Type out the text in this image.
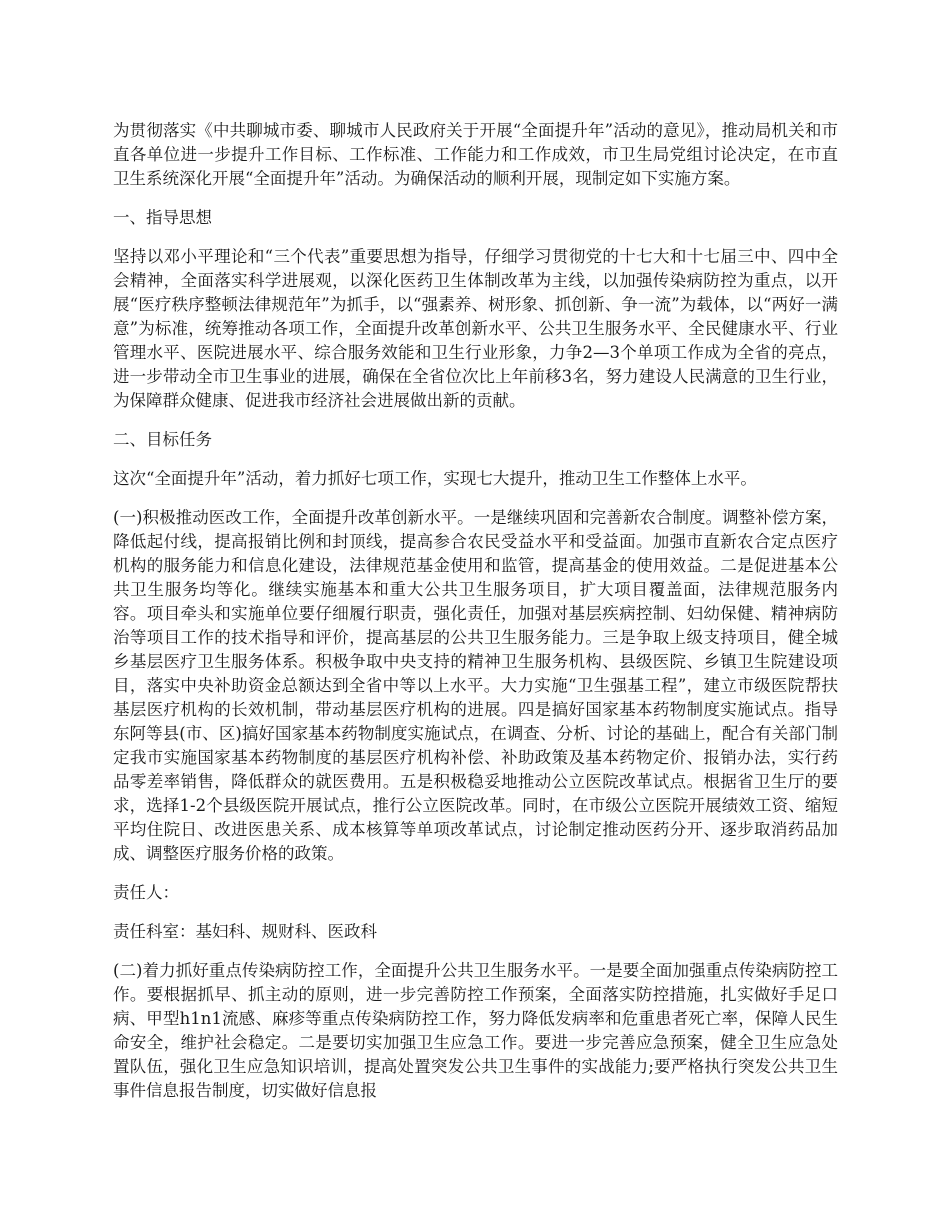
为贯彻落实《中共聊城市委、聊城市人民政府关于开展“全面提升年”活动的意见》，推动局机关和市直各单位进一步提升工作目标、工作标准、工作能力和工作成效，市卫生局党组讨论决定，在市直卫生系统深化开展“全面提升年”活动。为确保活动的顺利开展，现制定如下实施方案。

一、指导思想

坚持以邓小平理论和“三个代表”重要思想为指导，仔细学习贯彻党的十七大和十七届三中、四中全会精神，全面落实科学进展观，以深化医药卫生体制改革为主线，以加强传染病防控为重点，以开展“医疗秩序整顿法律规范年”为抓手，以“强素养、树形象、抓创新、争一流”为载体，以“两好一满意”为标准，统筹推动各项工作，全面提升改革创新水平、公共卫生服务水平、全民健康水平、行业管理水平、医院进展水平、综合服务效能和卫生行业形象，力争2—3个单项工作成为全省的亮点，进一步带动全市卫生事业的进展，确保在全省位次比上年前移3名，努力建设人民满意的卫生行业，为保障群众健康、促进我市经济社会进展做出新的贡献。

二、目标任务

这次“全面提升年”活动，着力抓好七项工作，实现七大提升，推动卫生工作整体上水平。

(一)积极推动医改工作，全面提升改革创新水平。一是继续巩固和完善新农合制度。调整补偿方案，降低起付线，提高报销比例和封顶线，提高参合农民受益水平和受益面。加强市直新农合定点医疗机构的服务能力和信息化建设，法律规范基金使用和监管，提高基金的使用效益。二是促进基本公共卫生服务均等化。继续实施基本和重大公共卫生服务项目，扩大项目覆盖面，法律规范服务内容。项目牵头和实施单位要仔细履行职责，强化责任，加强对基层疾病控制、妇幼保健、精神病防治等项目工作的技术指导和评价，提高基层的公共卫生服务能力。三是争取上级支持项目，健全城乡基层医疗卫生服务体系。积极争取中央支持的精神卫生服务机构、县级医院、乡镇卫生院建设项目，落实中央补助资金总额达到全省中等以上水平。大力实施“卫生强基工程”，建立市级医院帮扶基层医疗机构的长效机制，带动基层医疗机构的进展。四是搞好国家基本药物制度实施试点。指导东阿等县(市、区)搞好国家基本药物制度实施试点，在调查、分析、讨论的基础上，配合有关部门制定我市实施国家基本药物制度的基层医疗机构补偿、补助政策及基本药物定价、报销办法，实行药品零差率销售，降低群众的就医费用。五是积极稳妥地推动公立医院改革试点。根据省卫生厅的要求，选择1-2个县级医院开展试点，推行公立医院改革。同时，在市级公立医院开展绩效工资、缩短平均住院日、改进医患关系、成本核算等单项改革试点，讨论制定推动医药分开、逐步取消药品加成、调整医疗服务价格的政策。

责任人：

责任科室：基妇科、规财科、医政科

(二)着力抓好重点传染病防控工作，全面提升公共卫生服务水平。一是要全面加强重点传染病防控工作。要根据抓早、抓主动的原则，进一步完善防控工作预案，全面落实防控措施，扎实做好手足口病、甲型h1n1流感、麻疹等重点传染病防控工作，努力降低发病率和危重患者死亡率，保障人民生命安全，维护社会稳定。二是要切实加强卫生应急工作。要进一步完善应急预案，健全卫生应急处置队伍，强化卫生应急知识培训，提高处置突发公共卫生事件的实战能力;要严格执行突发公共卫生事件信息报告制度，切实做好信息报
